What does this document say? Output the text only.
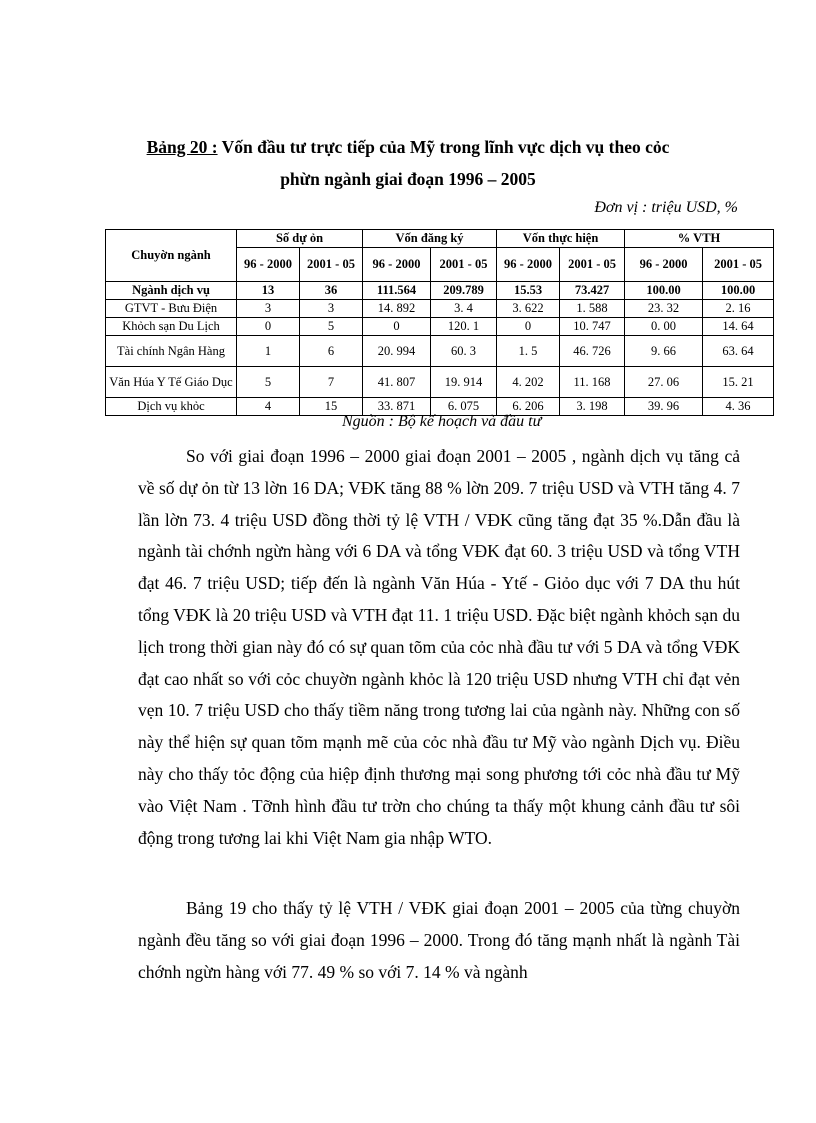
Bảng 20 : Vốn đầu tư trực tiếp của Mỹ trong lĩnh vực dịch vụ theo cỏc
phừn ngành giai đoạn 1996 – 2005
Đơn vị : triệu USD, %
Chuyờn ngành	Số dự ỏn		Vốn đăng ký		Vốn thực hiện		% VTH	
	96 - 2000	2001 - 05	96 - 2000	2001 - 05	96 - 2000	2001 - 05	96 - 2000	2001 - 05
Ngành dịch vụ	13	36	111.564	209.789	15.53	73.427	100.00	100.00
GTVT - Bưu Điện	3	3	14. 892	3. 4	3. 622	1. 588	23. 32	2. 16
Khỏch sạn Du Lịch	0	5	0	120. 1	0	10. 747	0. 00	14. 64
Tài chính Ngân Hàng	1	6	20. 994	60. 3	1. 5	46. 726	9. 66	63. 64
Văn Húa Y Tế Giáo Dục	5	7	41. 807	19. 914	4. 202	11. 168	27. 06	15. 21
Dịch vụ khỏc	4	15	33. 871	6. 075	6. 206	3. 198	39. 96	4. 36
Nguồn : Bộ kế hoạch và đầu tư

So với giai đoạn 1996 – 2000 giai đoạn 2001 – 2005 , ngành dịch vụ tăng cả về số dự ỏn từ 13 lờn 16 DA; VĐK tăng 88 % lờn 209. 7 triệu USD và VTH tăng 4. 7 lần lờn 73. 4 triệu USD đồng thời tỷ lệ VTH / VĐK cũng tăng đạt 35 %.Dẫn đầu là ngành tài chớnh ngừn hàng với 6 DA và tổng VĐK đạt 60. 3 triệu USD và tổng VTH đạt 46. 7 triệu USD; tiếp đến là ngành Văn Húa - Ytế - Giỏo dục với 7 DA thu hút tổng VĐK là 20 triệu USD và VTH đạt 11. 1 triệu USD. Đặc biệt ngành khỏch sạn du lịch trong thời gian này đó có sự quan tõm của cỏc nhà đầu tư với 5 DA và tổng VĐK đạt cao nhất so với cỏc chuyờn ngành khỏc là 120 triệu USD nhưng VTH chỉ đạt vẻn vẹn 10. 7 triệu USD cho thấy tiềm năng trong tương lai của ngành này. Những con số này thể hiện sự quan tõm mạnh mẽ của cỏc nhà đầu tư Mỹ vào ngành Dịch vụ. Điều này cho thấy tỏc động của hiệp định thương mại song phương tới cỏc nhà đầu tư Mỹ vào Việt Nam . Tỡnh hình đầu tư trờn cho chúng ta thấy một khung cảnh đầu tư sôi động trong tương lai khi Việt Nam gia nhập WTO.

Bảng 19 cho thấy tỷ lệ VTH / VĐK giai đoạn 2001 – 2005 của từng chuyờn ngành đều tăng so với giai đoạn 1996 – 2000. Trong đó tăng mạnh nhất là ngành Tài chớnh ngừn hàng với 77. 49 % so với 7. 14 % và ngành
